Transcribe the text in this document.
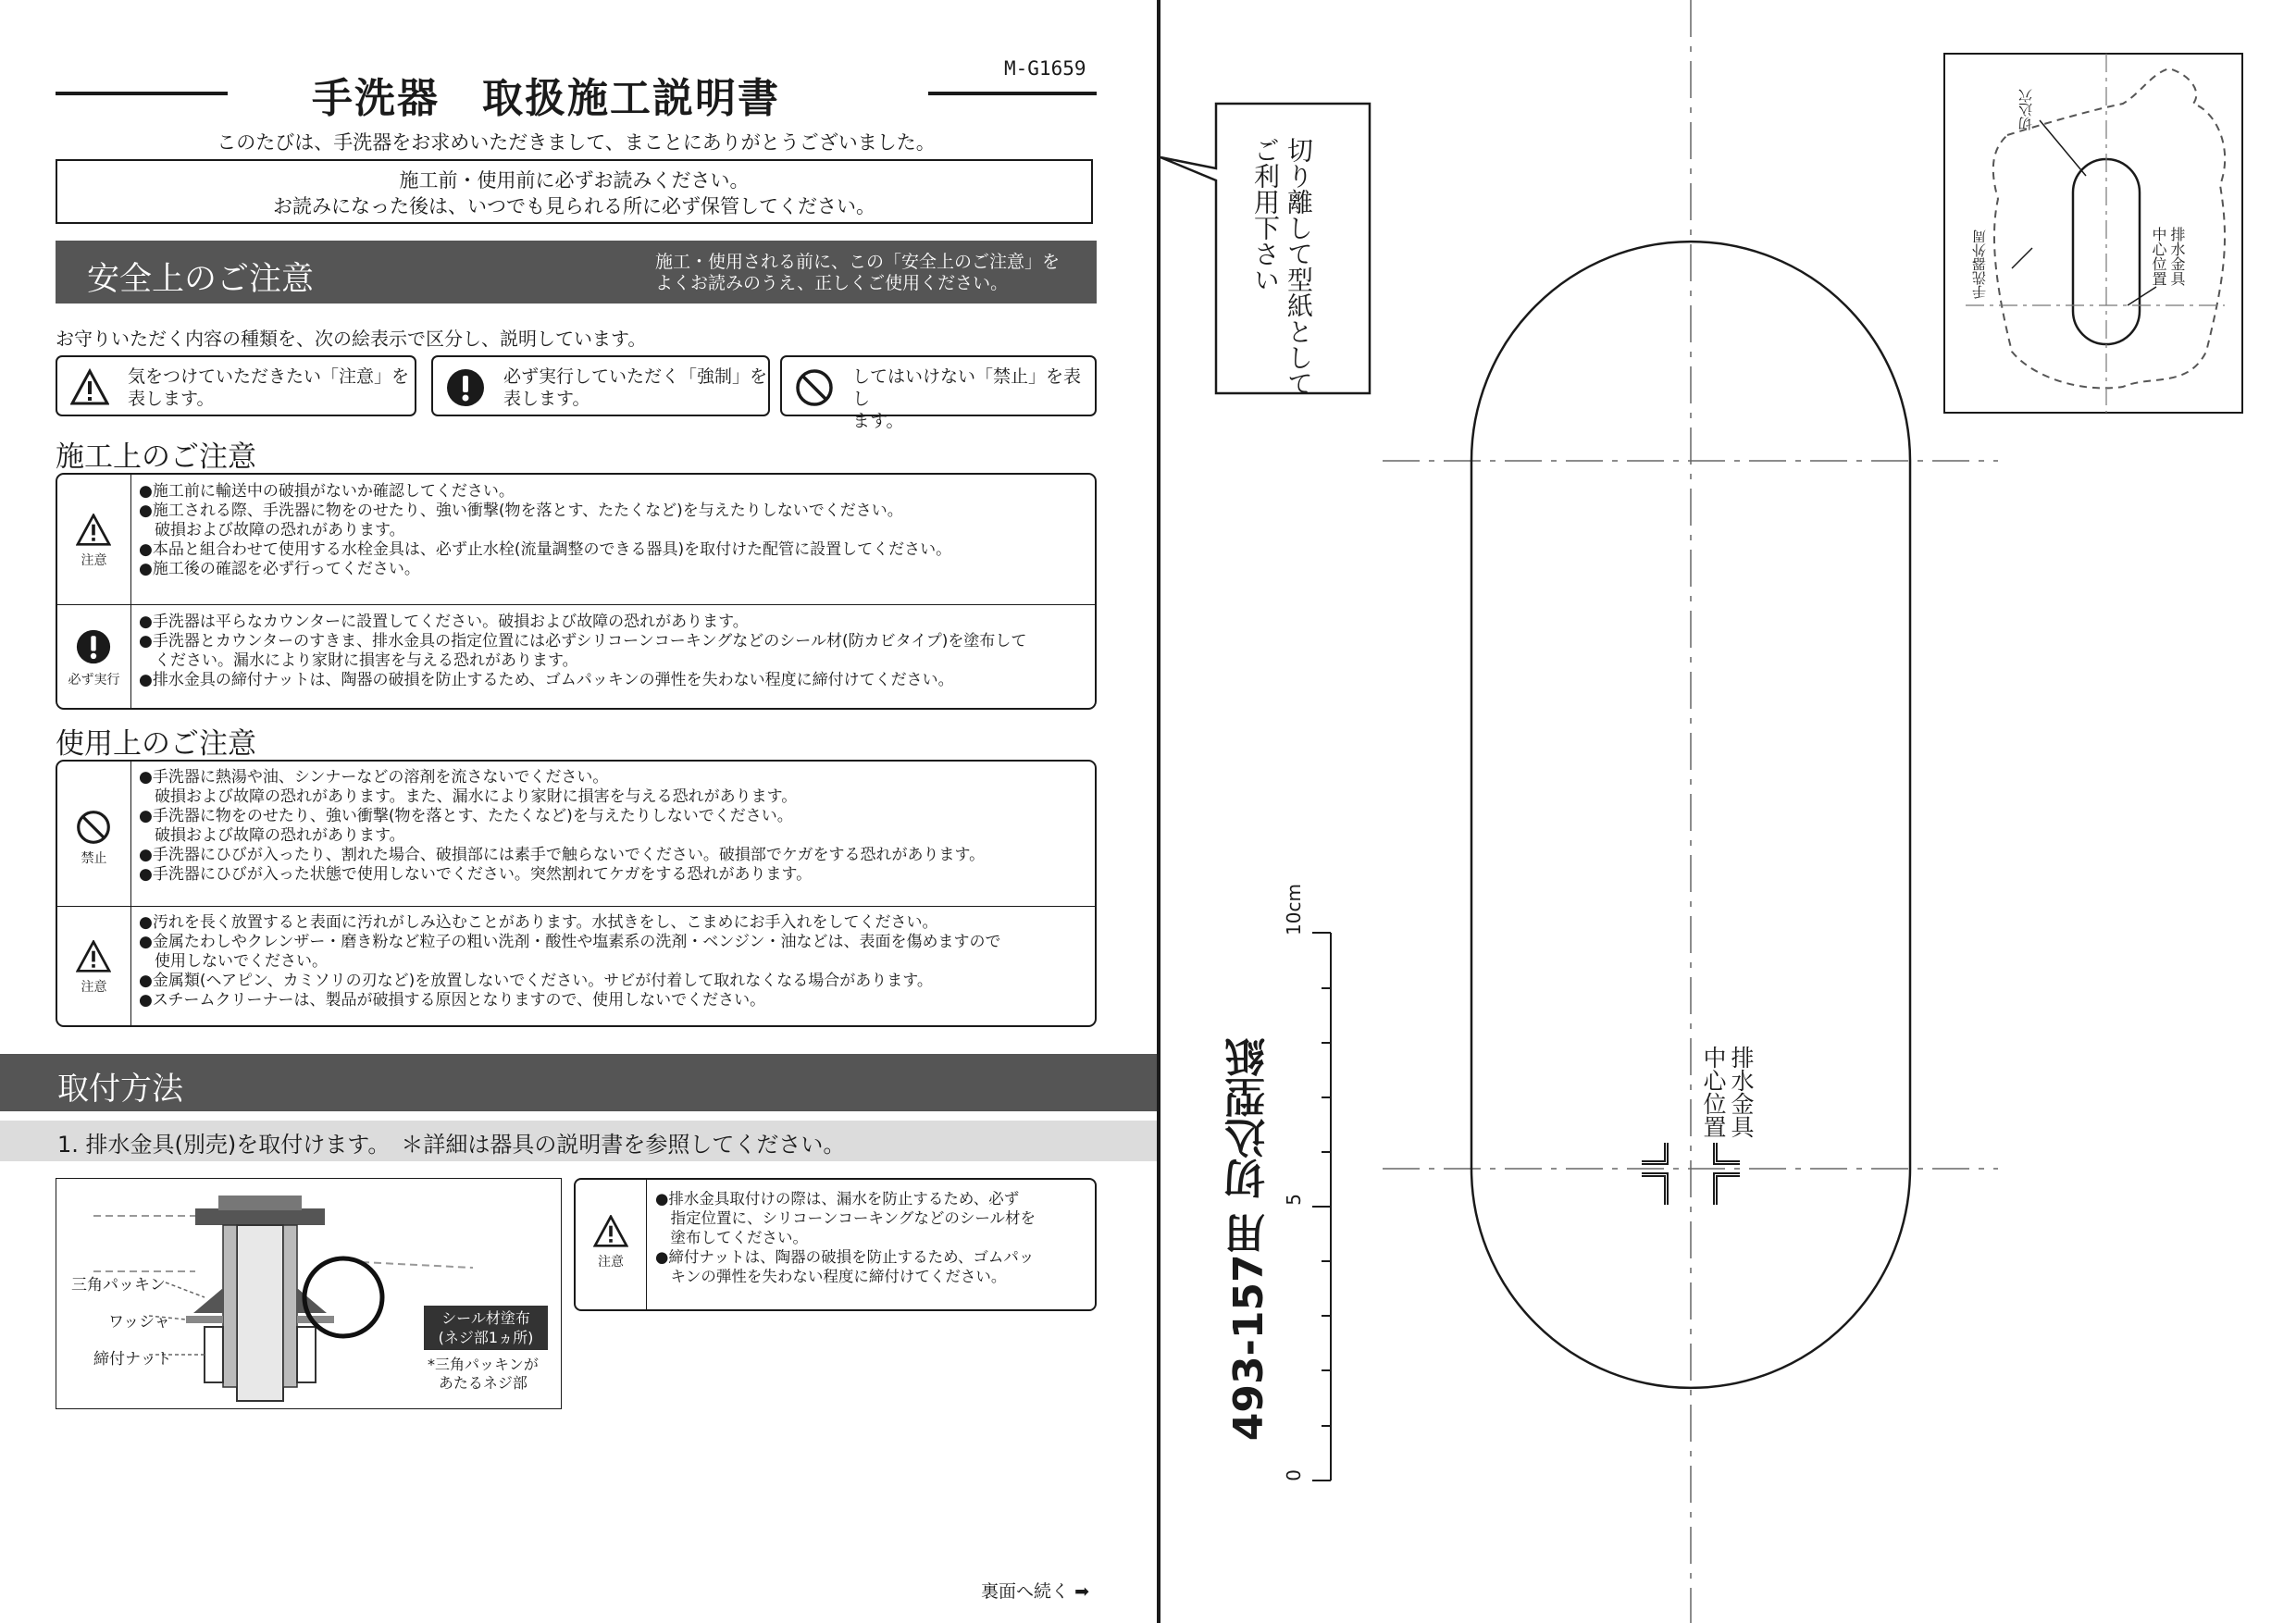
手洗器　取扱施工説明書
M-G1659
このたびは、手洗器をお求めいただきまして、まことにありがとうございました。
施工前・使用前に必ずお読みください。
お読みになった後は、いつでも見られる所に必ず保管してください。
安全上のご注意	施工・使用される前に、この「安全上のご注意」を
よくお読みのうえ、正しくご使用ください。
お守りいただく内容の種類を、次の絵表示で区分し、説明しています。
気をつけていただきたい「注意」を
表します。
必ず実行していただく「強制」を
表します。
してはいけない「禁止」を表し
ます。
施工上のご注意
注意
●施工前に輸送中の破損がないか確認してください。
●施工される際、手洗器に物をのせたり、強い衝撃(物を落とす、たたくなど)を与えたりしないでください。
　破損および故障の恐れがあります。
●本品と組合わせて使用する水栓金具は、必ず止水栓(流量調整のできる器具)を取付けた配管に設置してください。
●施工後の確認を必ず行ってください。
必ず実行
●手洗器は平らなカウンターに設置してください。破損および故障の恐れがあります。
●手洗器とカウンターのすきま、排水金具の指定位置には必ずシリコーンコーキングなどのシール材(防カビタイプ)を塗布して
　ください。漏水により家財に損害を与える恐れがあります。
●排水金具の締付ナットは、陶器の破損を防止するため、ゴムパッキンの弾性を失わない程度に締付けてください。
使用上のご注意
禁止
●手洗器に熱湯や油、シンナーなどの溶剤を流さないでください。
　破損および故障の恐れがあります。また、漏水により家財に損害を与える恐れがあります。
●手洗器に物をのせたり、強い衝撃(物を落とす、たたくなど)を与えたりしないでください。
　破損および故障の恐れがあります。
●手洗器にひびが入ったり、割れた場合、破損部には素手で触らないでください。破損部でケガをする恐れがあります。
●手洗器にひびが入った状態で使用しないでください。突然割れてケガをする恐れがあります。
注意
●汚れを長く放置すると表面に汚れがしみ込むことがあります。水拭きをし、こまめにお手入れをしてください。
●金属たわしやクレンザー・磨き粉など粒子の粗い洗剤・酸性や塩素系の洗剤・ベンジン・油などは、表面を傷めますので
　使用しないでください。
●金属類(ヘアピン、カミソリの刃など)を放置しないでください。サビが付着して取れなくなる場合があります。
●スチームクリーナーは、製品が破損する原因となりますので、使用しないでください。
取付方法
1. 排水金具(別売)を取付けます。　＊詳細は器具の説明書を参照してください。
三角パッキン
ワッシャ
締付ナット
シール材塗布
(ネジ部1ヵ所)
*三角パッキンが
あたるネジ部
注意
●排水金具取付けの際は、漏水を防止するため、必ず
　指定位置に、シリコーンコーキングなどのシール材を
　塗布してください。
●締付ナットは、陶器の破損を防止するため、ゴムパッ
　キンの弾性を失わない程度に締付けてください。
裏面へ続く ➡
切り離して型紙として
ご利用下さい
493-157用 切込型紙	排水金具
中心位置
10cm
5
0
切込穴
手洗器外周	排水金具
中心位置
